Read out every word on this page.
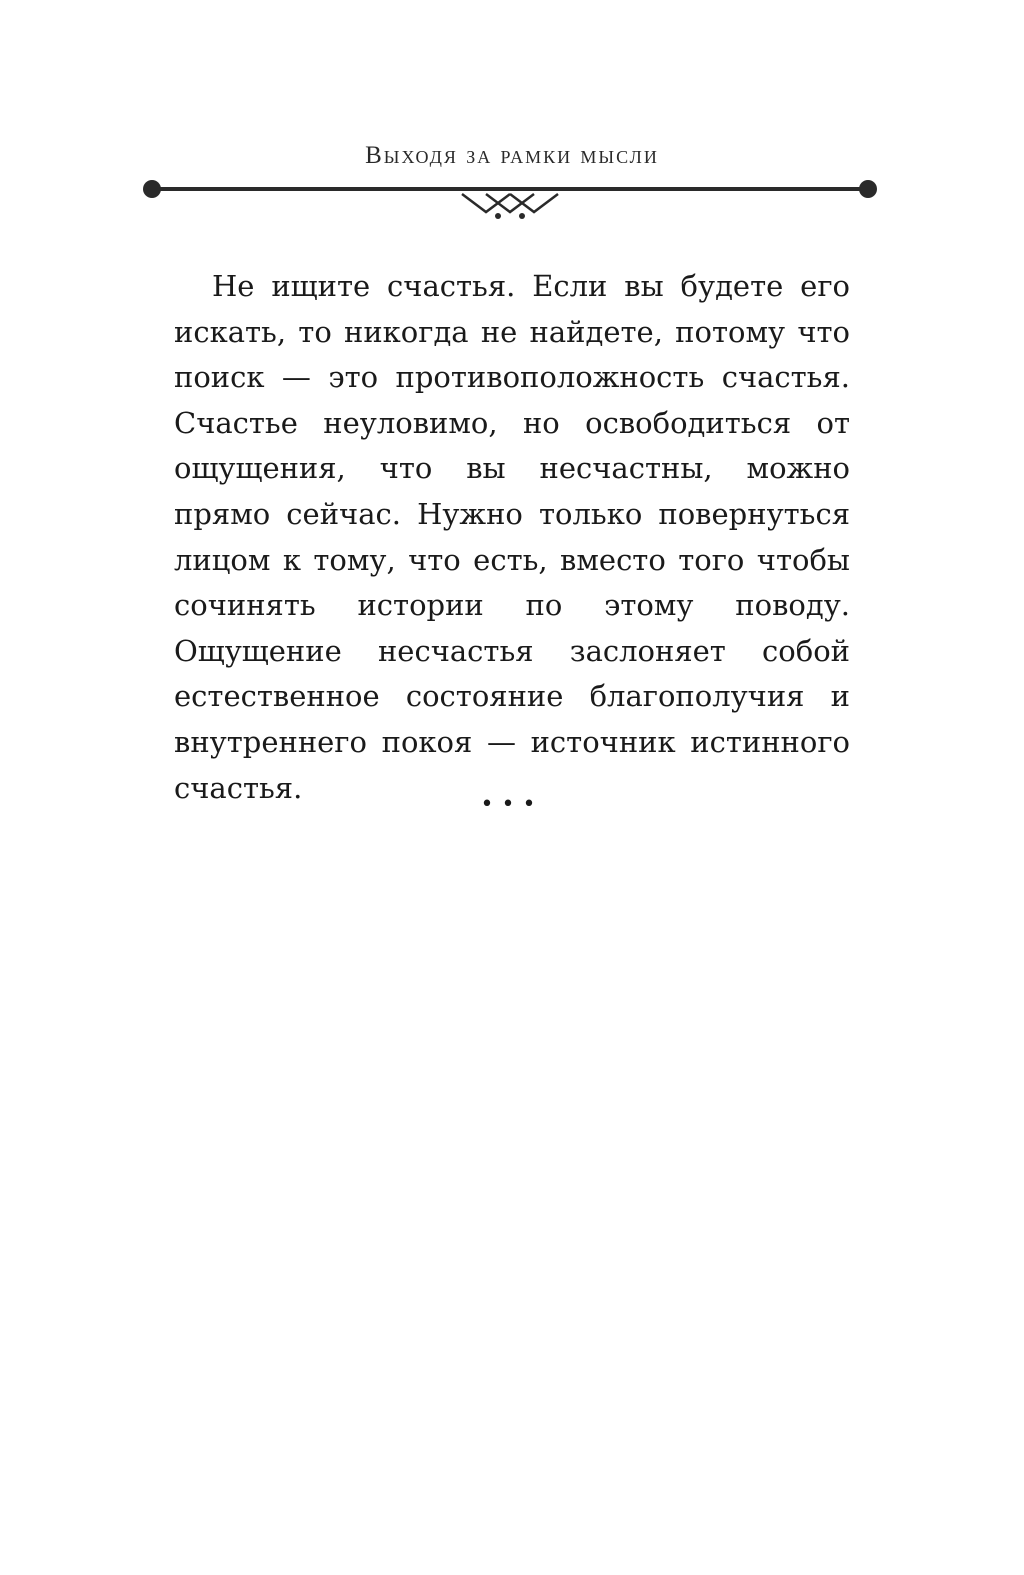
Выходя за рамки мысли

Не ищите счастья. Если вы будете его искать, то никогда не найдете, потому что поиск — это противоположность счастья. Счастье неуловимо, но освободиться от ощущения, что вы несчастны, можно прямо сейчас. Нужно только повернуться лицом к тому, что есть, вместо того чтобы сочинять истории по этому поводу. Ощущение несчастья заслоняет собой естественное состояние благополучия и внутреннего покоя — источник истинного счастья.	•••
